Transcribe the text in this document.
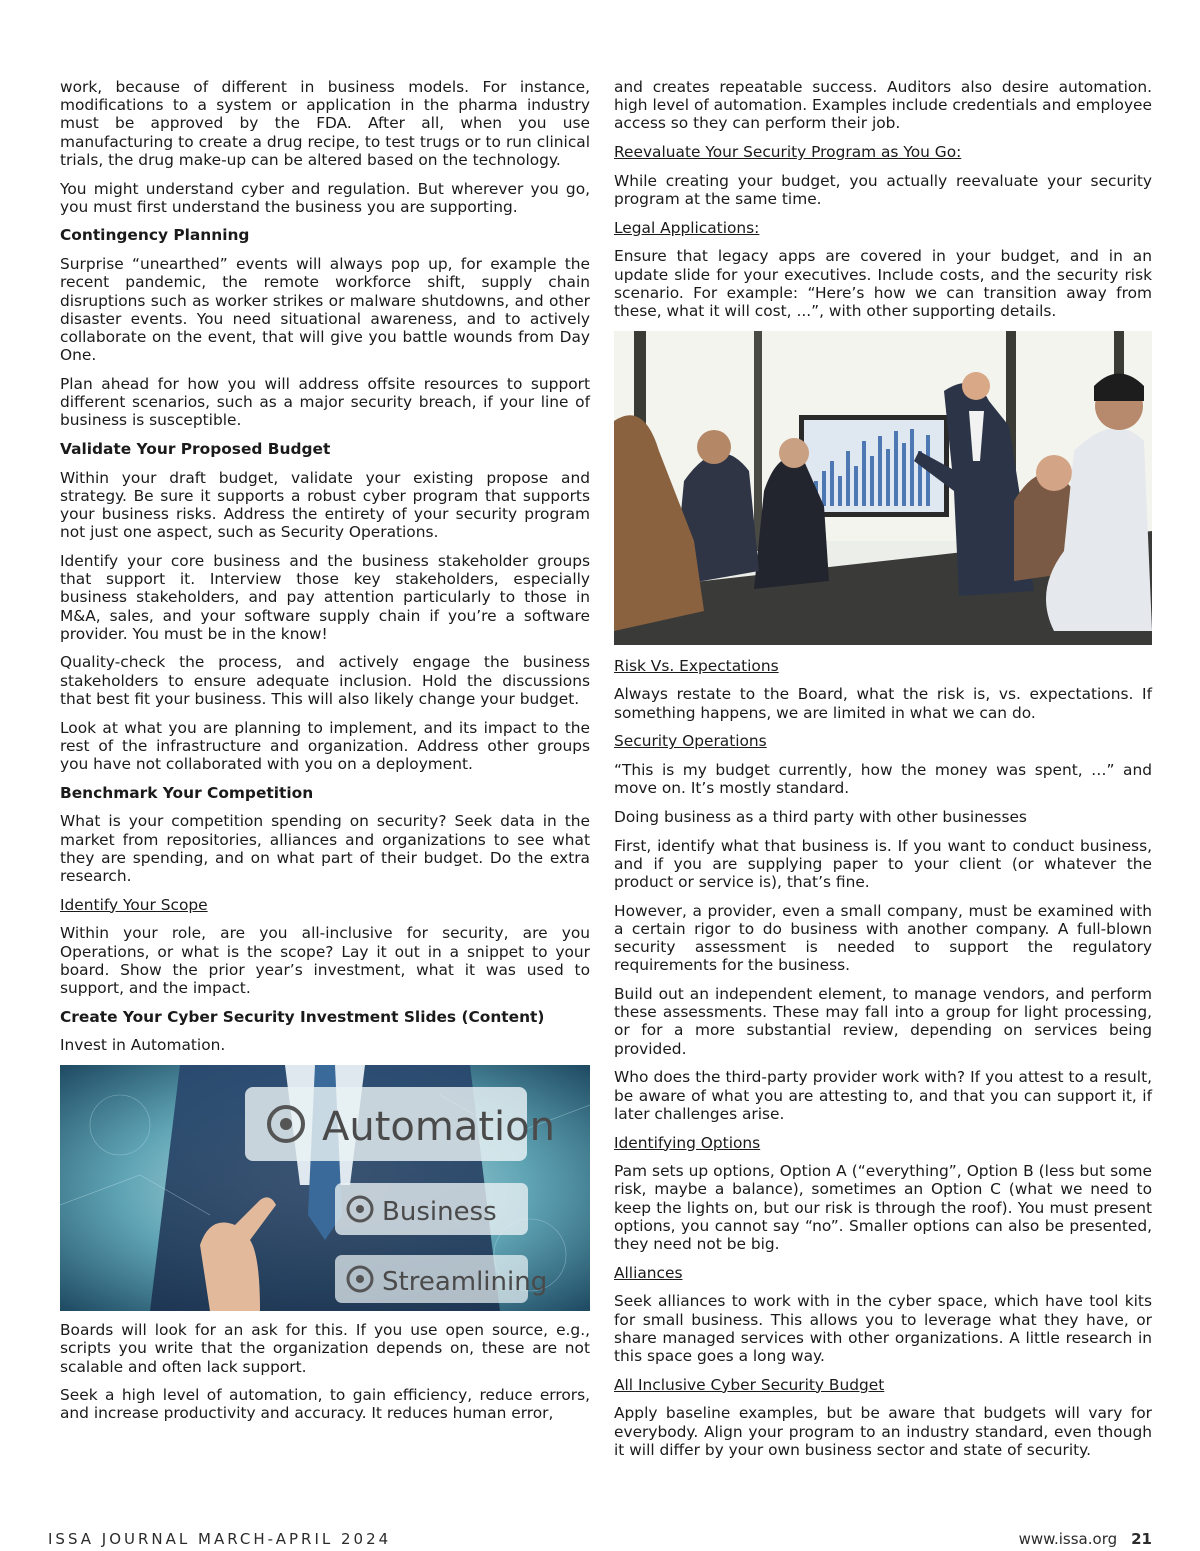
work, because of different in business models. For instance, modifications to a system or application in the pharma industry must be approved by the FDA. After all, when you use manufacturing to create a drug recipe, to test trugs or to run clinical trials, the drug make-up can be altered based on the technology.

You might understand cyber and regulation. But wherever you go, you must first understand the business you are supporting.

Contingency Planning

Surprise “unearthed” events will always pop up, for example the recent pandemic, the remote workforce shift, supply chain disruptions such as worker strikes or malware shutdowns, and other disaster events. You need situational awareness, and to actively collaborate on the event, that will give you battle wounds from Day One.

Plan ahead for how you will address offsite resources to support different scenarios, such as a major security breach, if your line of business is susceptible.

Validate Your Proposed Budget

Within your draft budget, validate your existing propose and strategy. Be sure it supports a robust cyber program that supports your business risks. Address the entirety of your security program not just one aspect, such as Security Operations.

Identify your core business and the business stakeholder groups that support it. Interview those key stakeholders, especially business stakeholders, and pay attention particularly to those in M&A, sales, and your software supply chain if you’re a software provider. You must be in the know!

Quality-check the process, and actively engage the business stakeholders to ensure adequate inclusion. Hold the discussions that best fit your business. This will also likely change your budget.

Look at what you are planning to implement, and its impact to the rest of the infrastructure and organization. Address other groups you have not collaborated with you on a deployment.

Benchmark Your Competition

What is your competition spending on security? Seek data in the market from repositories, alliances and organizations to see what they are spending, and on what part of their budget. Do the extra research.

Identify Your Scope

Within your role, are you all-inclusive for security, are you Operations, or what is the scope? Lay it out in a snippet to your board. Show the prior year’s investment, what it was used to support, and the impact.

Create Your Cyber Security Investment Slides (Content)

Invest in Automation.

Automation
Business
Streamlining

Boards will look for an ask for this. If you use open source, e.g., scripts you write that the organization depends on, these are not scalable and often lack support.

Seek a high level of automation, to gain efficiency, reduce errors, and increase productivity and accuracy. It reduces human error,

and creates repeatable success. Auditors also desire automation. high level of automation. Examples include credentials and employee access so they can perform their job.

Reevaluate Your Security Program as You Go:

While creating your budget, you actually reevaluate your security program at the same time.

Legal Applications:

Ensure that legacy apps are covered in your budget, and in an update slide for your executives. Include costs, and the security risk scenario. For example: “Here’s how we can transition away from these, what it will cost, ...”, with other supporting details.

Risk Vs. Expectations

Always restate to the Board, what the risk is, vs. expectations. If something happens, we are limited in what we can do.

Security Operations

“This is my budget currently, how the money was spent, …” and move on. It’s mostly standard.

Doing business as a third party with other businesses

First, identify what that business is. If you want to conduct business, and if you are supplying paper to your client (or whatever the product or service is), that’s fine.

However, a provider, even a small company, must be examined with a certain rigor to do business with another company. A full-blown security assessment is needed to support the regulatory requirements for the business.

Build out an independent element, to manage vendors, and perform these assessments. These may fall into a group for light processing, or for a more substantial review, depending on services being provided.

Who does the third-party provider work with? If you attest to a result, be aware of what you are attesting to, and that you can support it, if later challenges arise.

Identifying Options

Pam sets up options, Option A (“everything”, Option B (less but some risk, maybe a balance), sometimes an Option C (what we need to keep the lights on, but our risk is through the roof). You must present options, you cannot say “no”. Smaller options can also be presented, they need not be big.

Alliances

Seek alliances to work with in the cyber space, which have tool kits for small business. This allows you to leverage what they have, or share managed services with other organizations. A little research in this space goes a long way.

All Inclusive Cyber Security Budget

Apply baseline examples, but be aware that budgets will vary for everybody. Align your program to an industry standard, even though it will differ by your own business sector and state of security.

ISSA JOURNAL MARCH-APRIL 2024	www.issa.org 21
